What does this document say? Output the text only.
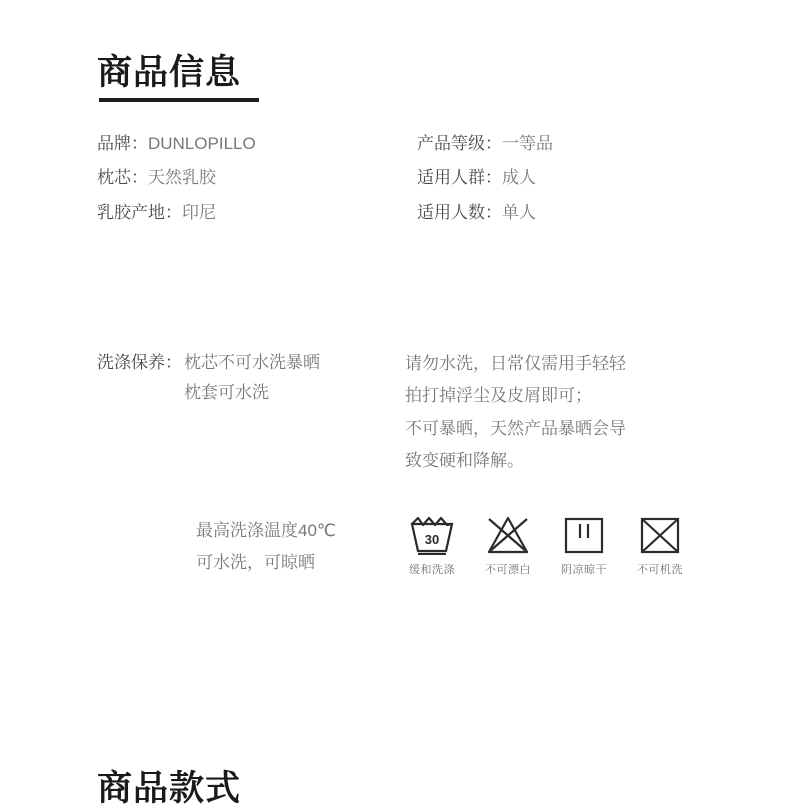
商品信息
品牌： DUNLOPILLO	产品等级： 一等品
枕芯： 天然乳胶	适用人群： 成人
乳胶产地： 印尼	适用人数： 单人
洗涤保养： 枕芯不可水洗暴晒
枕套可水洗
请勿水洗，日常仅需用手轻轻
拍打掉浮尘及皮屑即可；
不可暴晒，天然产品暴晒会导
致变硬和降解。
最高洗涤温度40℃
可水洗，可晾晒
30
缓和洗涤	不可漂白	阴凉晾干	不可机洗
商品款式
